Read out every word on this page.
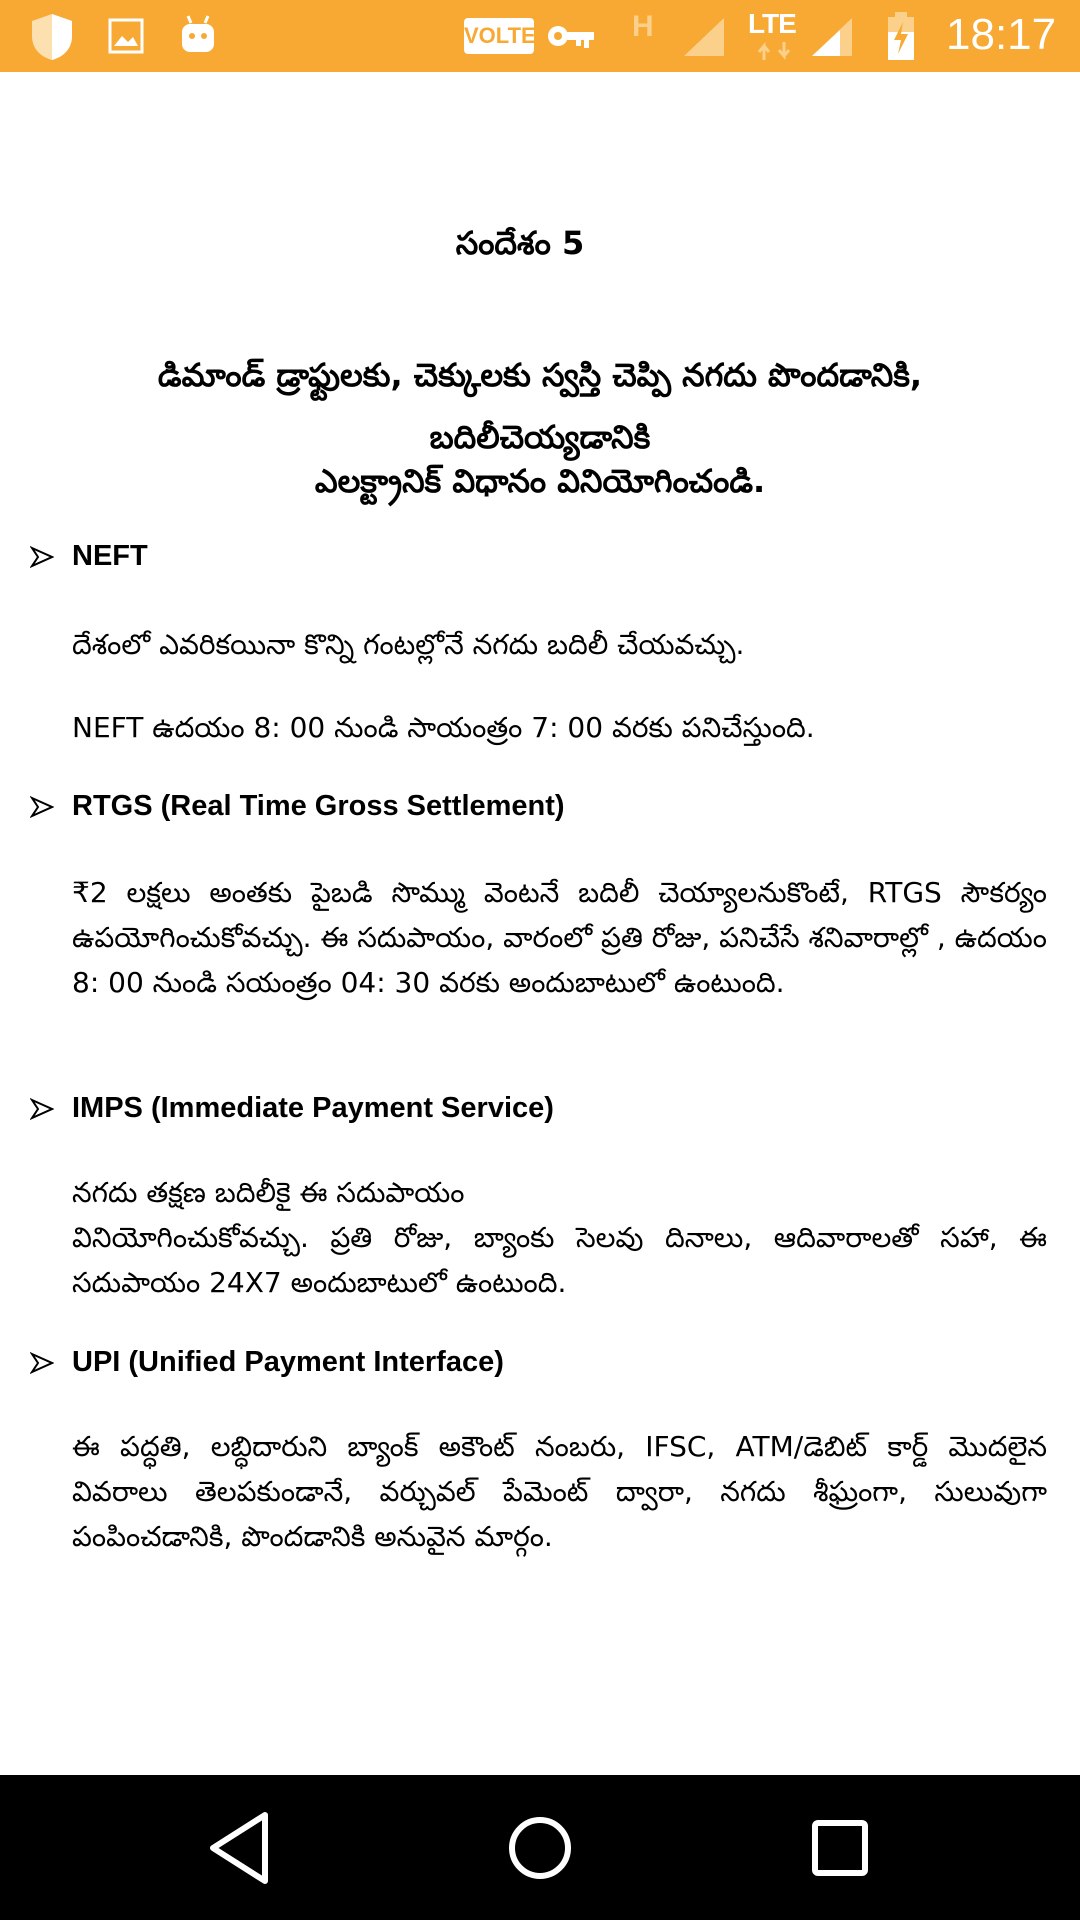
VOLTE	H	LTE	18:17
సందేశం 5
డిమాండ్ డ్రాఫ్టులకు, చెక్కులకు స్వస్తి చెప్పి నగదు పొందడానికి,
బదిలీచెయ్యడానికి
ఎలక్ట్రానిక్ విధానం వినియోగించండి.
NEFT

దేశంలో ఎవరికయినా కొన్ని గంటల్లోనే నగదు బదిలీ చేయవచ్చు.

NEFT ఉదయం 8: 00 నుండి సాయంత్రం 7: 00 వరకు పనిచేస్తుంది.

RTGS (Real Time Gross Settlement)

₹2 లక్షలు అంతకు పైబడి సొమ్ము వెంటనే బదిలీ చెయ్యాలనుకొంటే, RTGS సౌకర్యం ఉపయోగించుకోవచ్చు. ఈ సదుపాయం, వారంలో ప్రతి రోజు, పనిచేసే శనివారాల్లో , ఉదయం 8: 00 నుండి సయంత్రం 04: 30 వరకు అందుబాటులో ఉంటుంది.

IMPS (Immediate Payment Service)

నగదు తక్షణ బదిలీకై ఈ సదుపాయం

వినియోగించుకోవచ్చు. ప్రతి రోజు, బ్యాంకు సెలవు దినాలు, ఆదివారాలతో సహా, ఈ సదుపాయం 24X7 అందుబాటులో ఉంటుంది.

UPI (Unified Payment Interface)

ఈ పద్ధతి, లబ్ధిదారుని బ్యాంక్ అకౌంట్ నంబరు, IFSC, ATM/డెబిట్ కార్డ్ మొదలైన వివరాలు తెలపకుండానే, వర్చువల్ పేమెంట్ ద్వారా, నగదు శీఘ్రంగా, సులువుగా పంపించడానికి, పొందడానికి అనువైన మార్గం.
